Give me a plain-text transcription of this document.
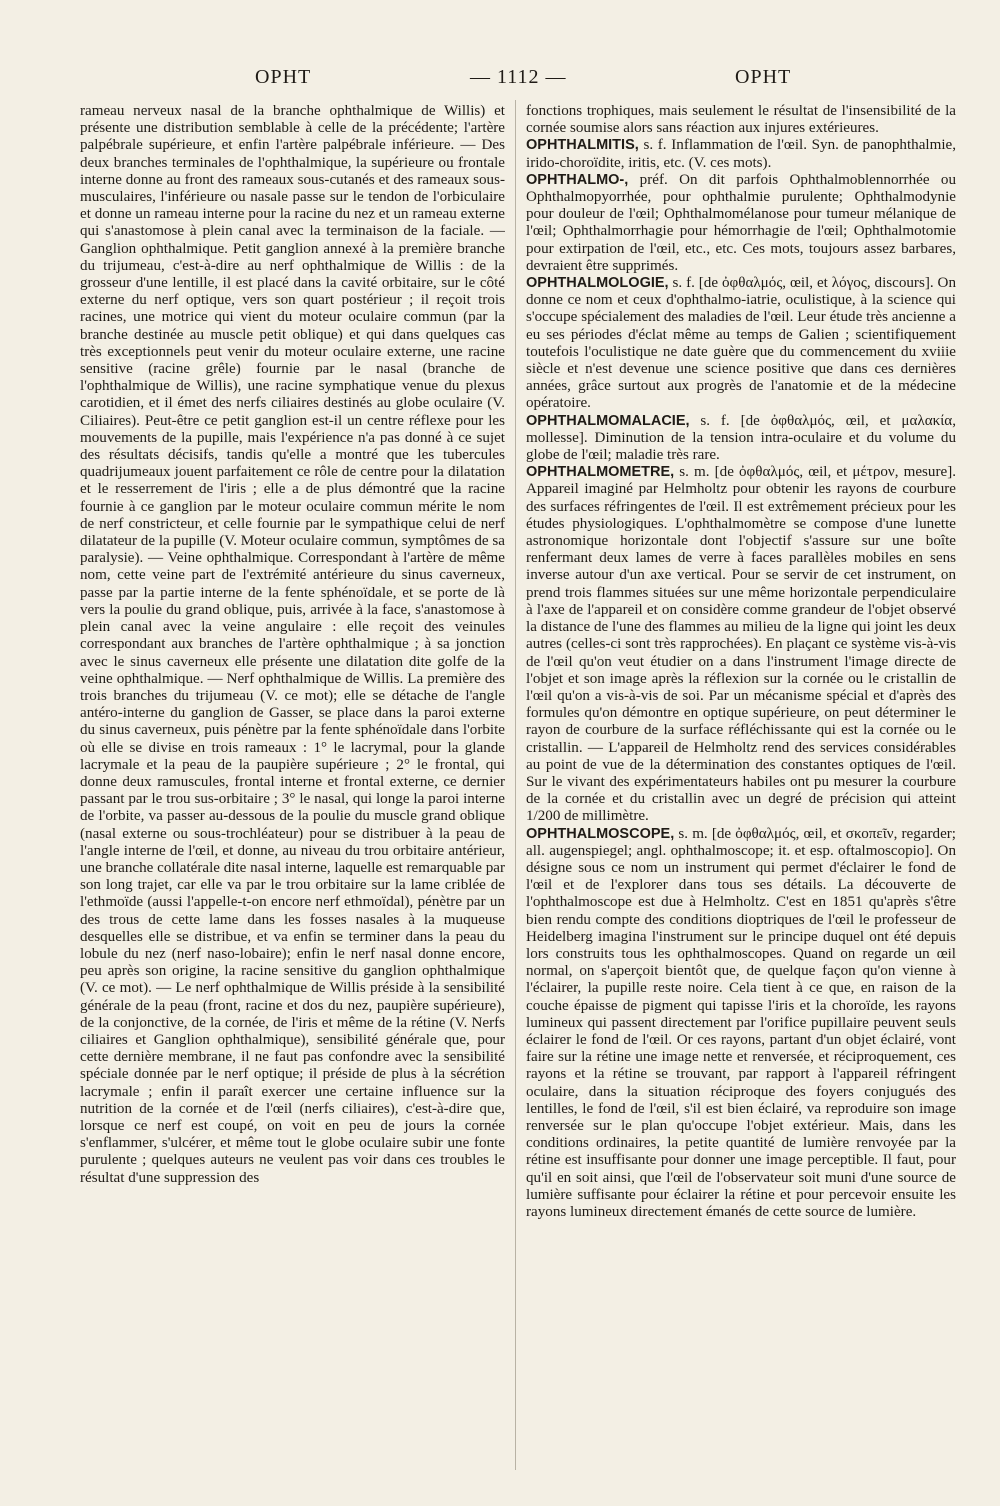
OPHT	— 1112 —	OPHT

rameau nerveux nasal de la branche ophthalmique de Willis) et présente une distribution semblable à celle de la précédente; l'artère palpébrale supérieure, et enfin l'artère palpébrale inférieure. — Des deux branches terminales de l'ophthalmique, la supérieure ou frontale interne donne au front des rameaux sous-cutanés et des rameaux sous-musculaires, l'inférieure ou nasale passe sur le tendon de l'orbiculaire et donne un rameau interne pour la racine du nez et un rameau externe qui s'anastomose à plein canal avec la terminaison de la faciale. — Ganglion ophthalmique. Petit ganglion annexé à la première branche du trijumeau, c'est-à-dire au nerf ophthalmique de Willis : de la grosseur d'une lentille, il est placé dans la cavité orbitaire, sur le côté externe du nerf optique, vers son quart postérieur ; il reçoit trois racines, une motrice qui vient du moteur oculaire commun (par la branche destinée au muscle petit oblique) et qui dans quelques cas très exceptionnels peut venir du moteur oculaire externe, une racine sensitive (racine grêle) fournie par le nasal (branche de l'ophthalmique de Willis), une racine symphatique venue du plexus carotidien, et il émet des nerfs ciliaires destinés au globe oculaire (V. Ciliaires). Peut-être ce petit ganglion est-il un centre réflexe pour les mouvements de la pupille, mais l'expérience n'a pas donné à ce sujet des résultats décisifs, tandis qu'elle a montré que les tubercules quadrijumeaux jouent parfaitement ce rôle de centre pour la dilatation et le resserrement de l'iris ; elle a de plus démontré que la racine fournie à ce ganglion par le moteur oculaire commun mérite le nom de nerf constricteur, et celle fournie par le sympathique celui de nerf dilatateur de la pupille (V. Moteur oculaire commun, symptômes de sa paralysie). — Veine ophthalmique. Correspondant à l'artère de même nom, cette veine part de l'extrémité antérieure du sinus caverneux, passe par la partie interne de la fente sphénoïdale, et se porte de là vers la poulie du grand oblique, puis, arrivée à la face, s'anastomose à plein canal avec la veine angulaire : elle reçoit des veinules correspondant aux branches de l'artère ophthalmique ; à sa jonction avec le sinus caverneux elle présente une dilatation dite golfe de la veine ophthalmique. — Nerf ophthalmique de Willis. La première des trois branches du trijumeau (V. ce mot); elle se détache de l'angle antéro-interne du ganglion de Gasser, se place dans la paroi externe du sinus caverneux, puis pénètre par la fente sphénoïdale dans l'orbite où elle se divise en trois rameaux : 1° le lacrymal, pour la glande lacrymale et la peau de la paupière supérieure ; 2° le frontal, qui donne deux ramuscules, frontal interne et frontal externe, ce dernier passant par le trou sus-orbitaire ; 3° le nasal, qui longe la paroi interne de l'orbite, va passer au-dessous de la poulie du muscle grand oblique (nasal externe ou sous-trochléateur) pour se distribuer à la peau de l'angle interne de l'œil, et donne, au niveau du trou orbitaire antérieur, une branche collatérale dite nasal interne, laquelle est remarquable par son long trajet, car elle va par le trou orbitaire sur la lame criblée de l'ethmoïde (aussi l'appelle-t-on encore nerf ethmoïdal), pénètre par un des trous de cette lame dans les fosses nasales à la muqueuse desquelles elle se distribue, et va enfin se terminer dans la peau du lobule du nez (nerf naso-lobaire); enfin le nerf nasal donne encore, peu après son origine, la racine sensitive du ganglion ophthalmique (V. ce mot). — Le nerf ophthalmique de Willis préside à la sensibilité générale de la peau (front, racine et dos du nez, paupière supérieure), de la conjonctive, de la cornée, de l'iris et même de la rétine (V. Nerfs ciliaires et Ganglion ophthalmique), sensibilité générale que, pour cette dernière membrane, il ne faut pas confondre avec la sensibilité spéciale donnée par le nerf optique; il préside de plus à la sécrétion lacrymale ; enfin il paraît exercer une certaine influence sur la nutrition de la cornée et de l'œil (nerfs ciliaires), c'est-à-dire que, lorsque ce nerf est coupé, on voit en peu de jours la cornée s'enflammer, s'ulcérer, et même tout le globe oculaire subir une fonte purulente ; quelques auteurs ne veulent pas voir dans ces troubles le résultat d'une suppression des

fonctions trophiques, mais seulement le résultat de l'insensibilité de la cornée soumise alors sans réaction aux injures extérieures.

OPHTHALMITIS, s. f. Inflammation de l'œil. Syn. de panophthalmie, irido-choroïdite, iritis, etc. (V. ces mots).

OPHTHALMO-, préf. On dit parfois Ophthalmoblennorrhée ou Ophthalmopyorrhée, pour ophthalmie purulente; Ophthalmodynie pour douleur de l'œil; Ophthalmomélanose pour tumeur mélanique de l'œil; Ophthalmorrhagie pour hémorrhagie de l'œil; Ophthalmotomie pour extirpation de l'œil, etc., etc. Ces mots, toujours assez barbares, devraient être supprimés.

OPHTHALMOLOGIE, s. f. [de ὀφθαλμός, œil, et λόγος, discours]. On donne ce nom et ceux d'ophthalmo-iatrie, oculistique, à la science qui s'occupe spécialement des maladies de l'œil. Leur étude très ancienne a eu ses périodes d'éclat même au temps de Galien ; scientifiquement toutefois l'oculistique ne date guère que du commencement du xviiie siècle et n'est devenue une science positive que dans ces dernières années, grâce surtout aux progrès de l'anatomie et de la médecine opératoire.

OPHTHALMOMALACIE, s. f. [de ὀφθαλμός, œil, et μαλακία, mollesse]. Diminution de la tension intra-oculaire et du volume du globe de l'œil; maladie très rare.

OPHTHALMOMETRE, s. m. [de ὀφθαλμός, œil, et μέτρον, mesure]. Appareil imaginé par Helmholtz pour obtenir les rayons de courbure des surfaces réfringentes de l'œil. Il est extrêmement précieux pour les études physiologiques. L'ophthalmomètre se compose d'une lunette astronomique horizontale dont l'objectif s'assure sur une boîte renfermant deux lames de verre à faces parallèles mobiles en sens inverse autour d'un axe vertical. Pour se servir de cet instrument, on prend trois flammes situées sur une même horizontale perpendiculaire à l'axe de l'appareil et on considère comme grandeur de l'objet observé la distance de l'une des flammes au milieu de la ligne qui joint les deux autres (celles-ci sont très rapprochées). En plaçant ce système vis-à-vis de l'œil qu'on veut étudier on a dans l'instrument l'image directe de l'objet et son image après la réflexion sur la cornée ou le cristallin de l'œil qu'on a vis-à-vis de soi. Par un mécanisme spécial et d'après des formules qu'on démontre en optique supérieure, on peut déterminer le rayon de courbure de la surface réfléchissante qui est la cornée ou le cristallin. — L'appareil de Helmholtz rend des services considérables au point de vue de la détermination des constantes optiques de l'œil. Sur le vivant des expérimentateurs habiles ont pu mesurer la courbure de la cornée et du cristallin avec un degré de précision qui atteint 1/200 de millimètre.

OPHTHALMOSCOPE, s. m. [de ὀφθαλμός, œil, et σκοπεῖν, regarder; all. augenspiegel; angl. ophthalmoscope; it. et esp. oftalmoscopio]. On désigne sous ce nom un instrument qui permet d'éclairer le fond de l'œil et de l'explorer dans tous ses détails. La découverte de l'ophthalmoscope est due à Helmholtz. C'est en 1851 qu'après s'être bien rendu compte des conditions dioptriques de l'œil le professeur de Heidelberg imagina l'instrument sur le principe duquel ont été depuis lors construits tous les ophthalmoscopes. Quand on regarde un œil normal, on s'aperçoit bientôt que, de quelque façon qu'on vienne à l'éclairer, la pupille reste noire. Cela tient à ce que, en raison de la couche épaisse de pigment qui tapisse l'iris et la choroïde, les rayons lumineux qui passent directement par l'orifice pupillaire peuvent seuls éclairer le fond de l'œil. Or ces rayons, partant d'un objet éclairé, vont faire sur la rétine une image nette et renversée, et réciproquement, ces rayons et la rétine se trouvant, par rapport à l'appareil réfringent oculaire, dans la situation réciproque des foyers conjugués des lentilles, le fond de l'œil, s'il est bien éclairé, va reproduire son image renversée sur le plan qu'occupe l'objet extérieur. Mais, dans les conditions ordinaires, la petite quantité de lumière renvoyée par la rétine est insuffisante pour donner une image perceptible. Il faut, pour qu'il en soit ainsi, que l'œil de l'observateur soit muni d'une source de lumière suffisante pour éclairer la rétine et pour percevoir ensuite les rayons lumineux directement émanés de cette source de lumière.
